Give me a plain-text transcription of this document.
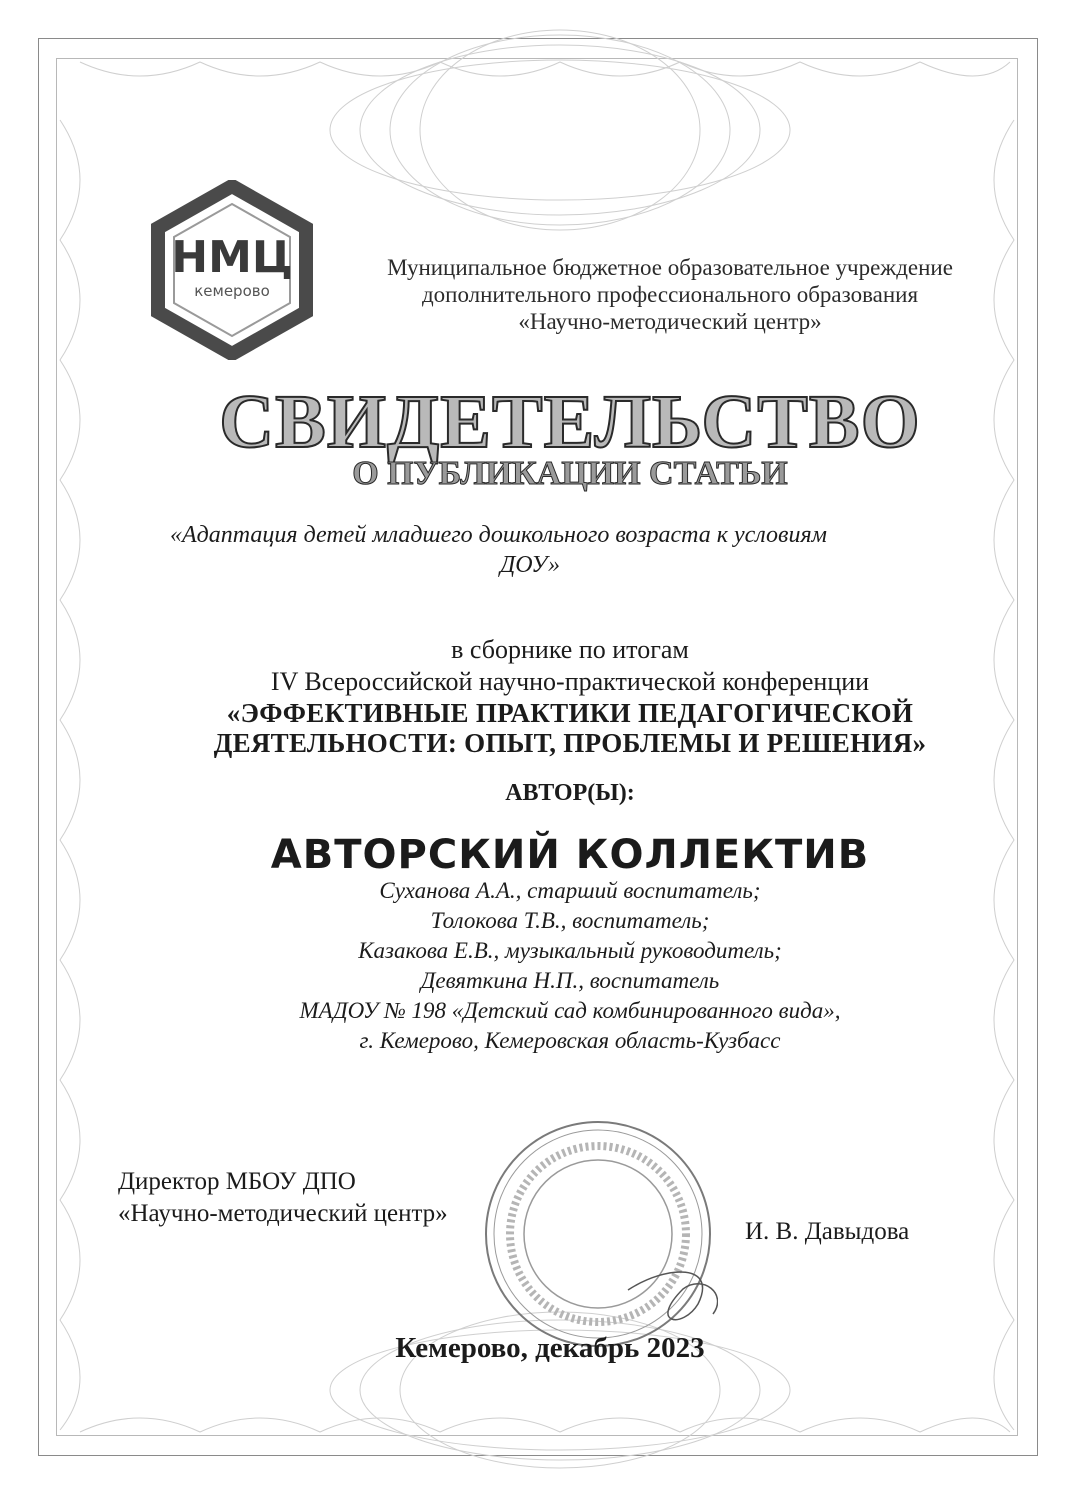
НМЦ
кемерово
Муниципальное бюджетное образовательное учреждение
дополнительного профессионального образования
«Научно-методический центр»
СВИДЕТЕЛЬСТВО
О ПУБЛИКАЦИИ СТАТЬИ
«Адаптация детей младшего дошкольного возраста к условиям
ДОУ»
в сборнике по итогам
IV Всероссийской научно-практической конференции
«ЭФФЕКТИВНЫЕ ПРАКТИКИ ПЕДАГОГИЧЕСКОЙ
ДЕЯТЕЛЬНОСТИ: ОПЫТ, ПРОБЛЕМЫ И РЕШЕНИЯ»
АВТОР(Ы):
АВТОРСКИЙ КОЛЛЕКТИВ
Суханова А.А., старший воспитатель;
Толокова Т.В., воспитатель;
Казакова Е.В., музыкальный руководитель;
Девяткина Н.П., воспитатель
МАДОУ № 198 «Детский сад комбинированного вида»,
г. Кемерово, Кемеровская область-Кузбасс
Директор МБОУ ДПО
«Научно-методический центр»
И. В. Давыдова
Кемерово, декабрь 2023
